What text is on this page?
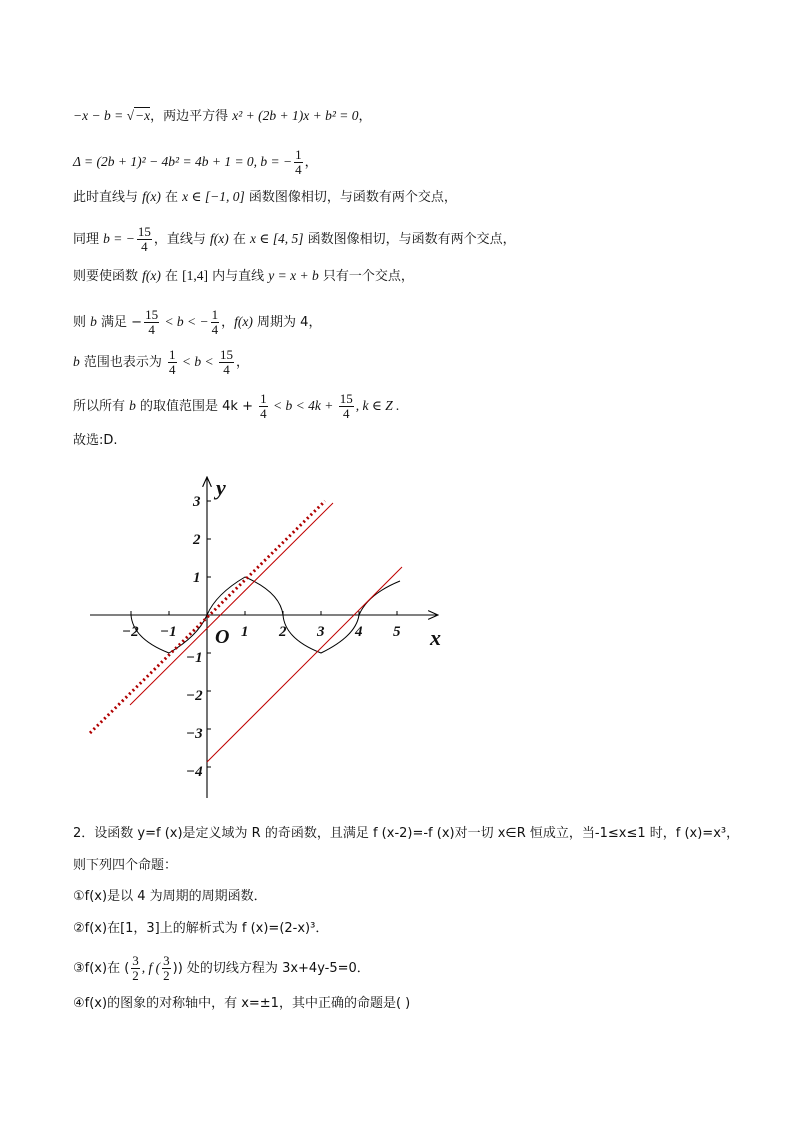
−x − b = √−x，两边平方得 x² + (2b + 1)x + b² = 0，
Δ = (2b + 1)² − 4b² = 4b + 1 = 0, b = − $\frac{1}{4}$ ，
此时直线与 f(x) 在 x ∈ [−1, 0] 函数图像相切，与函数有两个交点，
同理 b = − $\frac{15}{4}$ ，直线与 f(x) 在 x ∈ [4, 5] 函数图像相切，与函数有两个交点，
则要使函数 f(x) 在 [1,4] 内与直线 y = x + b 只有一个交点，
则 b 满足 − $\frac{15}{4} < b$ < − $\frac{1}{4}$ ，f(x) 周期为 4，
b 范围也表示为 $\frac{1}{4} < b < \frac{15}{4}$ ，
所以所有 b 的取值范围是 $4k + \frac{1}{4} < b < 4k + \frac{15}{4}$ , k ∈ Z .
故选:D.
−2 −1	1 2 3 4 5
3
2
1
−1
−2
−3
−4
x
y
O
2．设函数 y=f (x)是定义域为 R 的奇函数，且满足 f (x-2)=-f (x)对一切 x∈R 恒成立，当-1≤x≤1 时，f (x)=x³，
则下列四个命题：
①f(x)是以 4 为周期的周期函数．
②f(x)在[1，3]上的解析式为 f (x)=(2-x)³．
③f(x)在 ( $\frac{3}{2}$ , f ( $\frac{3}{2}$ )) 处的切线方程为 3x+4y-5=0．
④f(x)的图象的对称轴中，有 x=±1，其中正确的命题是( )
